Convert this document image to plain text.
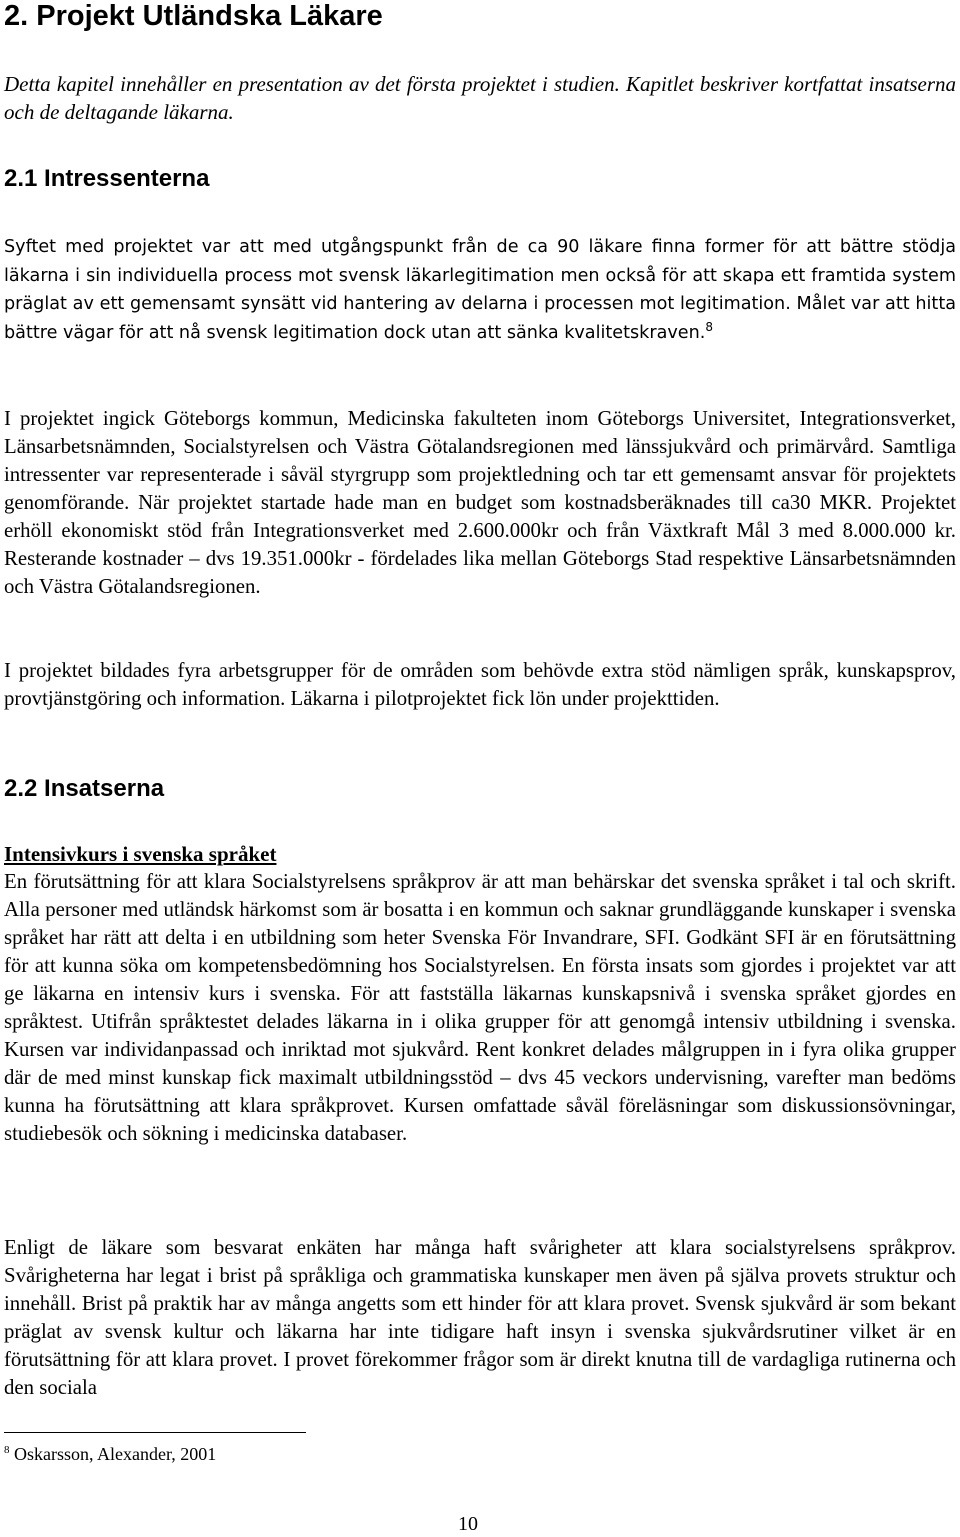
2. Projekt Utländska Läkare

Detta kapitel innehåller en presentation av det första projektet i studien. Kapitlet beskriver kortfattat insatserna och de deltagande läkarna.

2.1 Intressenterna

Syftet med projektet var att med utgångspunkt från de ca 90 läkare finna former för att bättre stödja läkarna i sin individuella process mot svensk läkarlegitimation men också för att skapa ett framtida system präglat av ett gemensamt synsätt vid hantering av delarna i processen mot legitimation. Målet var att hitta bättre vägar för att nå svensk legitimation dock utan att sänka kvalitetskraven.$^8$

I projektet ingick Göteborgs kommun, Medicinska fakulteten inom Göteborgs Universitet, Integrationsverket, Länsarbetsnämnden, Socialstyrelsen och Västra Götalandsregionen med länssjukvård och primärvård. Samtliga intressenter var representerade i såväl styrgrupp som projektledning och tar ett gemensamt ansvar för projektets genomförande. När projektet startade hade man en budget som kostnadsberäknades till ca30 MKR. Projektet erhöll ekonomiskt stöd från Integrationsverket med 2.600.000kr och från Växtkraft Mål 3 med 8.000.000 kr. Resterande kostnader – dvs 19.351.000kr - fördelades lika mellan Göteborgs Stad respektive Länsarbetsnämnden och Västra Götalandsregionen.

I projektet bildades fyra arbetsgrupper för de områden som behövde extra stöd nämligen språk, kunskapsprov, provtjänstgöring och information. Läkarna i pilotprojektet fick lön under projekttiden.

2.2 Insatserna
Intensivkurs i svenska språket

En förutsättning för att klara Socialstyrelsens språkprov är att man behärskar det svenska språket i tal och skrift. Alla personer med utländsk härkomst som är bosatta i en kommun och saknar grundläggande kunskaper i svenska språket har rätt att delta i en utbildning som heter Svenska För Invandrare, SFI. Godkänt SFI är en förutsättning för att kunna söka om kompetensbedömning hos Socialstyrelsen. En första insats som gjordes i projektet var att ge läkarna en intensiv kurs i svenska. För att fastställa läkarnas kunskapsnivå i svenska språket gjordes en språktest. Utifrån språktestet delades läkarna in i olika grupper för att genomgå intensiv utbildning i svenska. Kursen var individanpassad och inriktad mot sjukvård. Rent konkret delades målgruppen in i fyra olika grupper där de med minst kunskap fick maximalt utbildningsstöd – dvs 45 veckors undervisning, varefter man bedöms kunna ha förutsättning att klara språkprovet. Kursen omfattade såväl föreläsningar som diskussionsövningar, studiebesök och sökning i medicinska databaser.

Enligt de läkare som besvarat enkäten har många haft svårigheter att klara socialstyrelsens språkprov. Svårigheterna har legat i brist på språkliga och grammatiska kunskaper men även på själva provets struktur och innehåll. Brist på praktik har av många angetts som ett hinder för att klara provet. Svensk sjukvård är som bekant präglat av svensk kultur och läkarna har inte tidigare haft insyn i svenska sjukvårdsrutiner vilket är en förutsättning för att klara provet. I provet förekommer frågor som är direkt knutna till de vardagliga rutinerna och den sociala

$^8$ Oskarsson, Alexander, 2001

10
